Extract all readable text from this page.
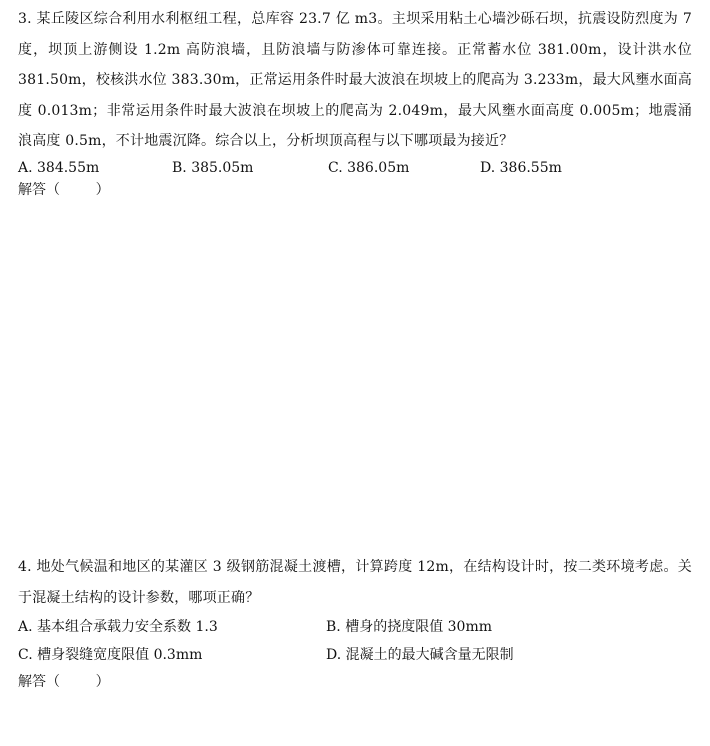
3. 某丘陵区综合利用水利枢纽工程，总库容 23.7 亿 m3。主坝采用粘土心墙沙砾石坝，抗震设防烈度为 7 度，坝顶上游侧设 1.2m 高防浪墙，且防浪墙与防渗体可靠连接。正常蓄水位 381.00m，设计洪水位 381.50m，校核洪水位 383.30m，正常运用条件时最大波浪在坝坡上的爬高为 3.233m，最大风壅水面高度 0.013m；非常运用条件时最大波浪在坝坡上的爬高为 2.049m，最大风壅水面高度 0.005m；地震涌浪高度 0.5m，不计地震沉降。综合以上，分析坝顶高程与以下哪项最为接近？

A. 384.55m	B. 385.05m	C. 386.05m	D. 386.55m
解答（        ）

4. 地处气候温和地区的某灌区 3 级钢筋混凝土渡槽，计算跨度 12m，在结构设计时，按二类环境考虑。关于混凝土结构的设计参数，哪项正确？

A. 基本组合承载力安全系数 1.3	B. 槽身的挠度限值 30mm
C. 槽身裂缝宽度限值 0.3mm	D. 混凝土的最大碱含量无限制
解答（        ）
